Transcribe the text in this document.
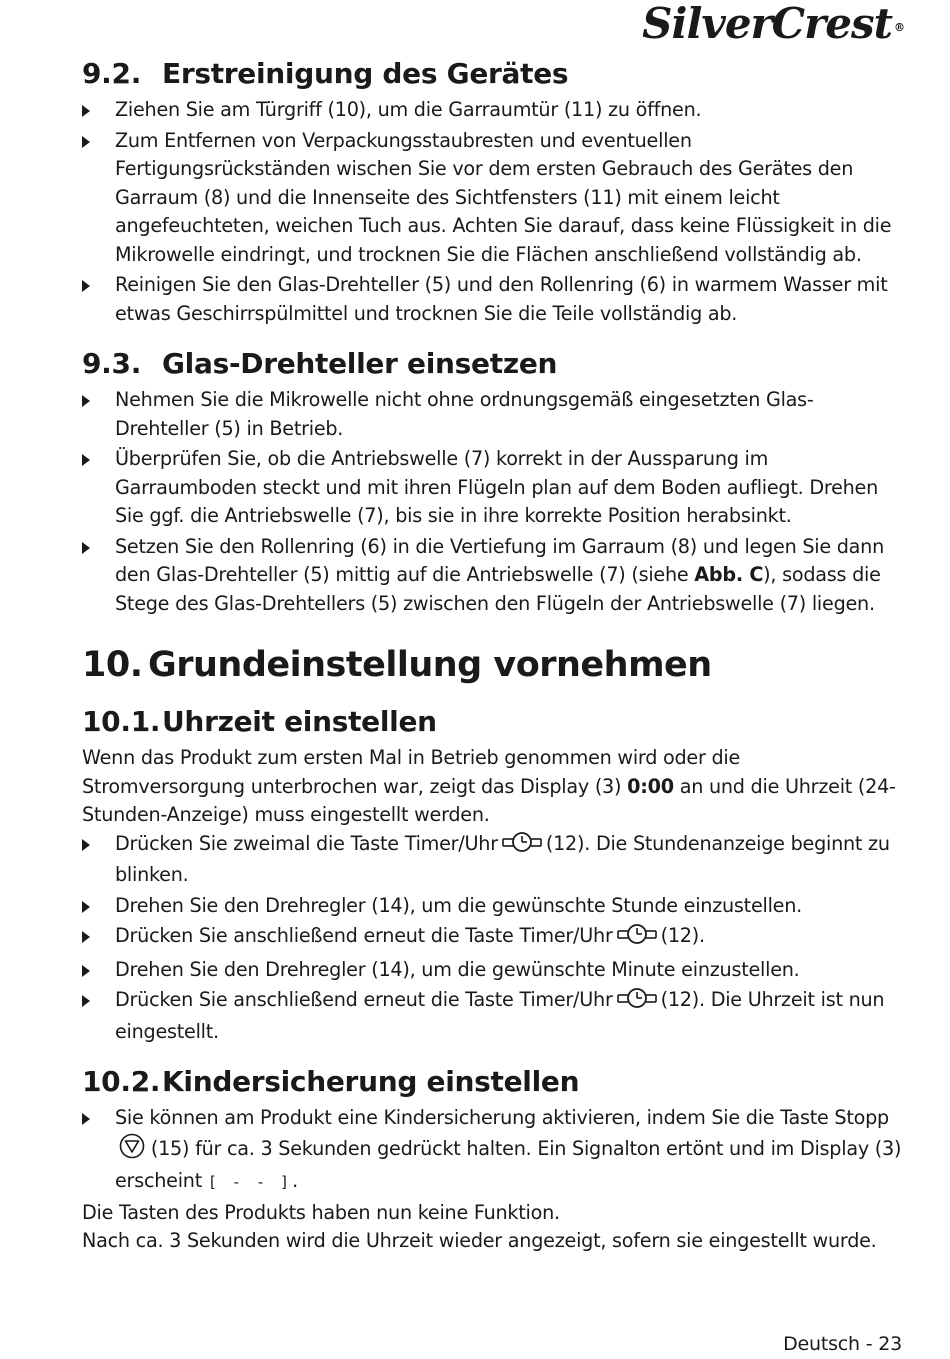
SilverCrest ®
9.2. Erstreinigung des Gerätes
Ziehen Sie am Türgriff (10), um die Garraumtür (11) zu öffnen.
Zum Entfernen von Verpackungsstaubresten und eventuellen Fertigungsrückständen wischen Sie vor dem ersten Gebrauch des Gerätes den Garraum (8) und die Innenseite des Sichtfensters (11) mit einem leicht angefeuchteten, weichen Tuch aus. Achten Sie darauf, dass keine Flüssigkeit in die Mikrowelle eindringt, und trocknen Sie die Flächen anschließend vollständig ab.
Reinigen Sie den Glas-Drehteller (5) und den Rollenring (6) in warmem Wasser mit etwas Geschirrspülmittel und trocknen Sie die Teile vollständig ab.
9.3. Glas-Drehteller einsetzen
Nehmen Sie die Mikrowelle nicht ohne ordnungsgemäß eingesetzten Glas-Drehteller (5) in Betrieb.
Überprüfen Sie, ob die Antriebswelle (7) korrekt in der Aussparung im Garraumboden steckt und mit ihren Flügeln plan auf dem Boden aufliegt. Drehen Sie ggf. die Antriebswelle (7), bis sie in ihre korrekte Position herabsinkt.
Setzen Sie den Rollenring (6) in die Vertiefung im Garraum (8) und legen Sie dann den Glas-Drehteller (5) mittig auf die Antriebswelle (7) (siehe Abb. C), sodass die Stege des Glas-Drehtellers (5) zwischen den Flügeln der Antriebswelle (7) liegen.
10. Grundeinstellung vornehmen
10.1.Uhrzeit einstellen

Wenn das Produkt zum ersten Mal in Betrieb genommen wird oder die Stromversorgung unterbrochen war, zeigt das Display (3) 0:00 an und die Uhrzeit (24-Stunden-Anzeige) muss eingestellt werden.

Drücken Sie zweimal die Taste Timer/Uhr	(12). Die Stundenanzeige beginnt zu blinken.
Drehen Sie den Drehregler (14), um die gewünschte Stunde einzustellen.
Drücken Sie anschließend erneut die Taste Timer/Uhr	(12).
Drehen Sie den Drehregler (14), um die gewünschte Minute einzustellen.
Drücken Sie anschließend erneut die Taste Timer/Uhr	(12). Die Uhrzeit ist nun eingestellt.
10.2.Kindersicherung einstellen
Sie können am Produkt eine Kindersicherung aktivieren, indem Sie die Taste Stopp (15) für ca. 3 Sekunden gedrückt halten. Ein Signalton ertönt und im Display (3) erscheint [ - - ].

Die Tasten des Produkts haben nun keine Funktion.

Nach ca. 3 Sekunden wird die Uhrzeit wieder angezeigt, sofern sie eingestellt wurde.

Deutsch - 23
